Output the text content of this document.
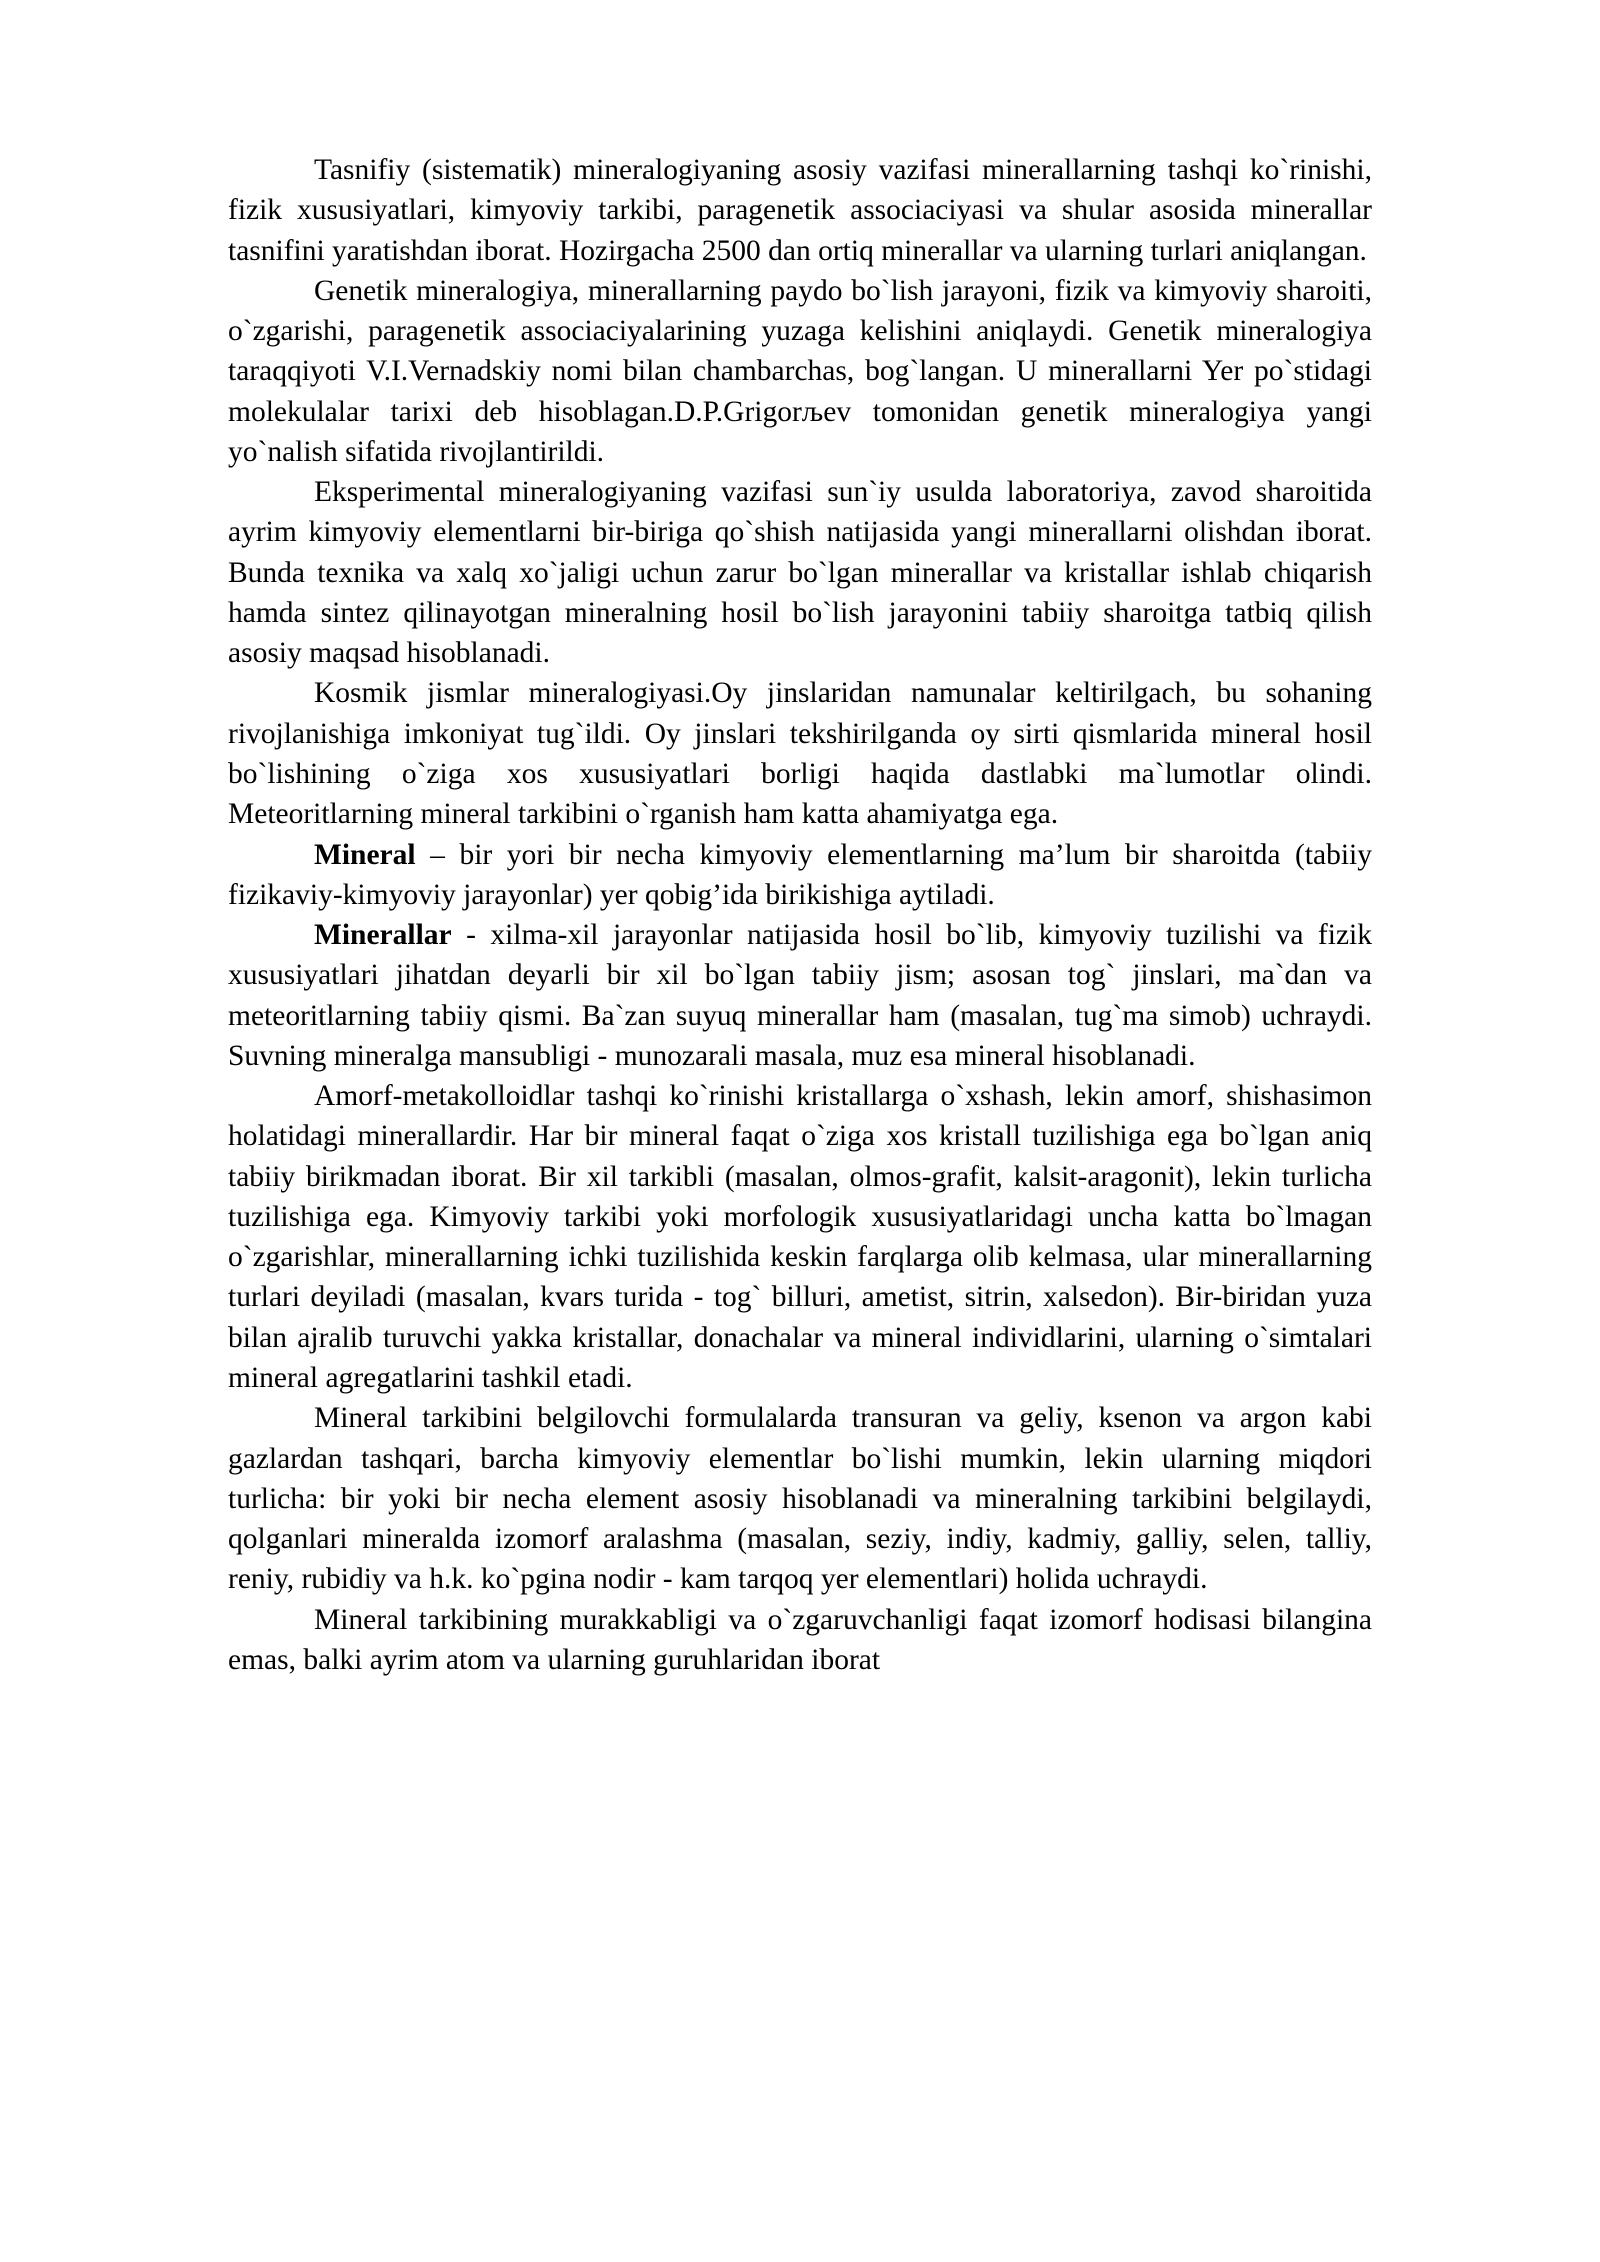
Tasnifiy (sistematik) mineralogiyaning asosiy vazifasi minerallarning tashqi ko`rinishi, fizik xususiyatlari, kimyoviy tarkibi, paragenetik associaciyasi va shular asosida minerallar tasnifini yaratishdan iborat. Hozirgacha 2500 dan ortiq minerallar va ularning turlari aniqlangan.

Genetik mineralogiya, minerallarning paydo bo`lish jarayoni, fizik va kimyoviy sharoiti, o`zgarishi, paragenetik associaciyalarining yuzaga kelishini aniqlaydi. Genetik mineralogiya taraqqiyoti V.I.Vernadskiy nomi bilan chambarchas, bog`langan. U minerallarni Yer po`stidagi molekulalar tarixi deb hisoblagan.D.P.Grigorљev tomonidan genetik mineralogiya yangi yo`nalish sifatida rivojlantirildi.

Eksperimental mineralogiyaning vazifasi sun`iy usulda laboratoriya, zavod sharoitida ayrim kimyoviy elementlarni bir-biriga qo`shish natijasida yangi minerallarni olishdan iborat. Bunda texnika va xalq xo`jaligi uchun zarur bo`lgan minerallar va kristallar ishlab chiqarish hamda sintez qilinayotgan mineralning hosil bo`lish jarayonini tabiiy sharoitga tatbiq qilish asosiy maqsad hisoblanadi.

Kosmik jismlar mineralogiyasi.Oy jinslaridan namunalar keltirilgach, bu sohaning rivojlanishiga imkoniyat tug`ildi. Oy jinslari tekshirilganda oy sirti qismlarida mineral hosil bo`lishining o`ziga xos xususiyatlari borligi haqida dastlabki ma`lumotlar olindi. Meteoritlarning mineral tarkibini o`rganish ham katta ahamiyatga ega.

Mineral – bir yori bir necha kimyoviy elementlarning ma’lum bir sharoitda (tabiiy fizikaviy-kimyoviy jarayonlar) yer qobig’ida birikishiga aytiladi.

Minerallar - xilma-xil jarayonlar natijasida hosil bo`lib, kimyoviy tuzilishi va fizik xususiyatlari jihatdan deyarli bir xil bo`lgan tabiiy jism; asosan tog` jinslari, ma`dan va meteoritlarning tabiiy qismi. Ba`zan suyuq minerallar ham (masalan, tug`ma simob) uchraydi. Suvning mineralga mansubligi - munozarali masala, muz esa mineral hisoblanadi.

Amorf-metakolloidlar tashqi ko`rinishi kristallarga o`xshash, lekin amorf, shishasimon holatidagi minerallardir. Har bir mineral faqat o`ziga xos kristall tuzilishiga ega bo`lgan aniq tabiiy birikmadan iborat. Bir xil tarkibli (masalan, olmos-grafit, kalsit-aragonit), lekin turlicha tuzilishiga ega. Kimyoviy tarkibi yoki morfologik xususiyatlaridagi uncha katta bo`lmagan o`zgarishlar, minerallarning ichki tuzilishida keskin farqlarga olib kelmasa, ular minerallarning turlari deyiladi (masalan, kvars turida - tog` billuri, ametist, sitrin, xalsedon). Bir-biridan yuza bilan ajralib turuvchi yakka kristallar, donachalar va mineral individlarini, ularning o`simtalari mineral agregatlarini tashkil etadi.

Mineral tarkibini belgilovchi formulalarda transuran va geliy, ksenon va argon kabi gazlardan tashqari, barcha kimyoviy elementlar bo`lishi mumkin, lekin ularning miqdori turlicha: bir yoki bir necha element asosiy hisoblanadi va mineralning tarkibini belgilaydi, qolganlari mineralda izomorf aralashma (masalan, seziy, indiy, kadmiy, galliy, selen, talliy, reniy, rubidiy va h.k. ko`pgina nodir - kam tarqoq yer elementlari) holida uchraydi.

Mineral tarkibining murakkabligi va o`zgaruvchanligi faqat izomorf hodisasi bilangina emas, balki ayrim atom va ularning guruhlaridan iborat
